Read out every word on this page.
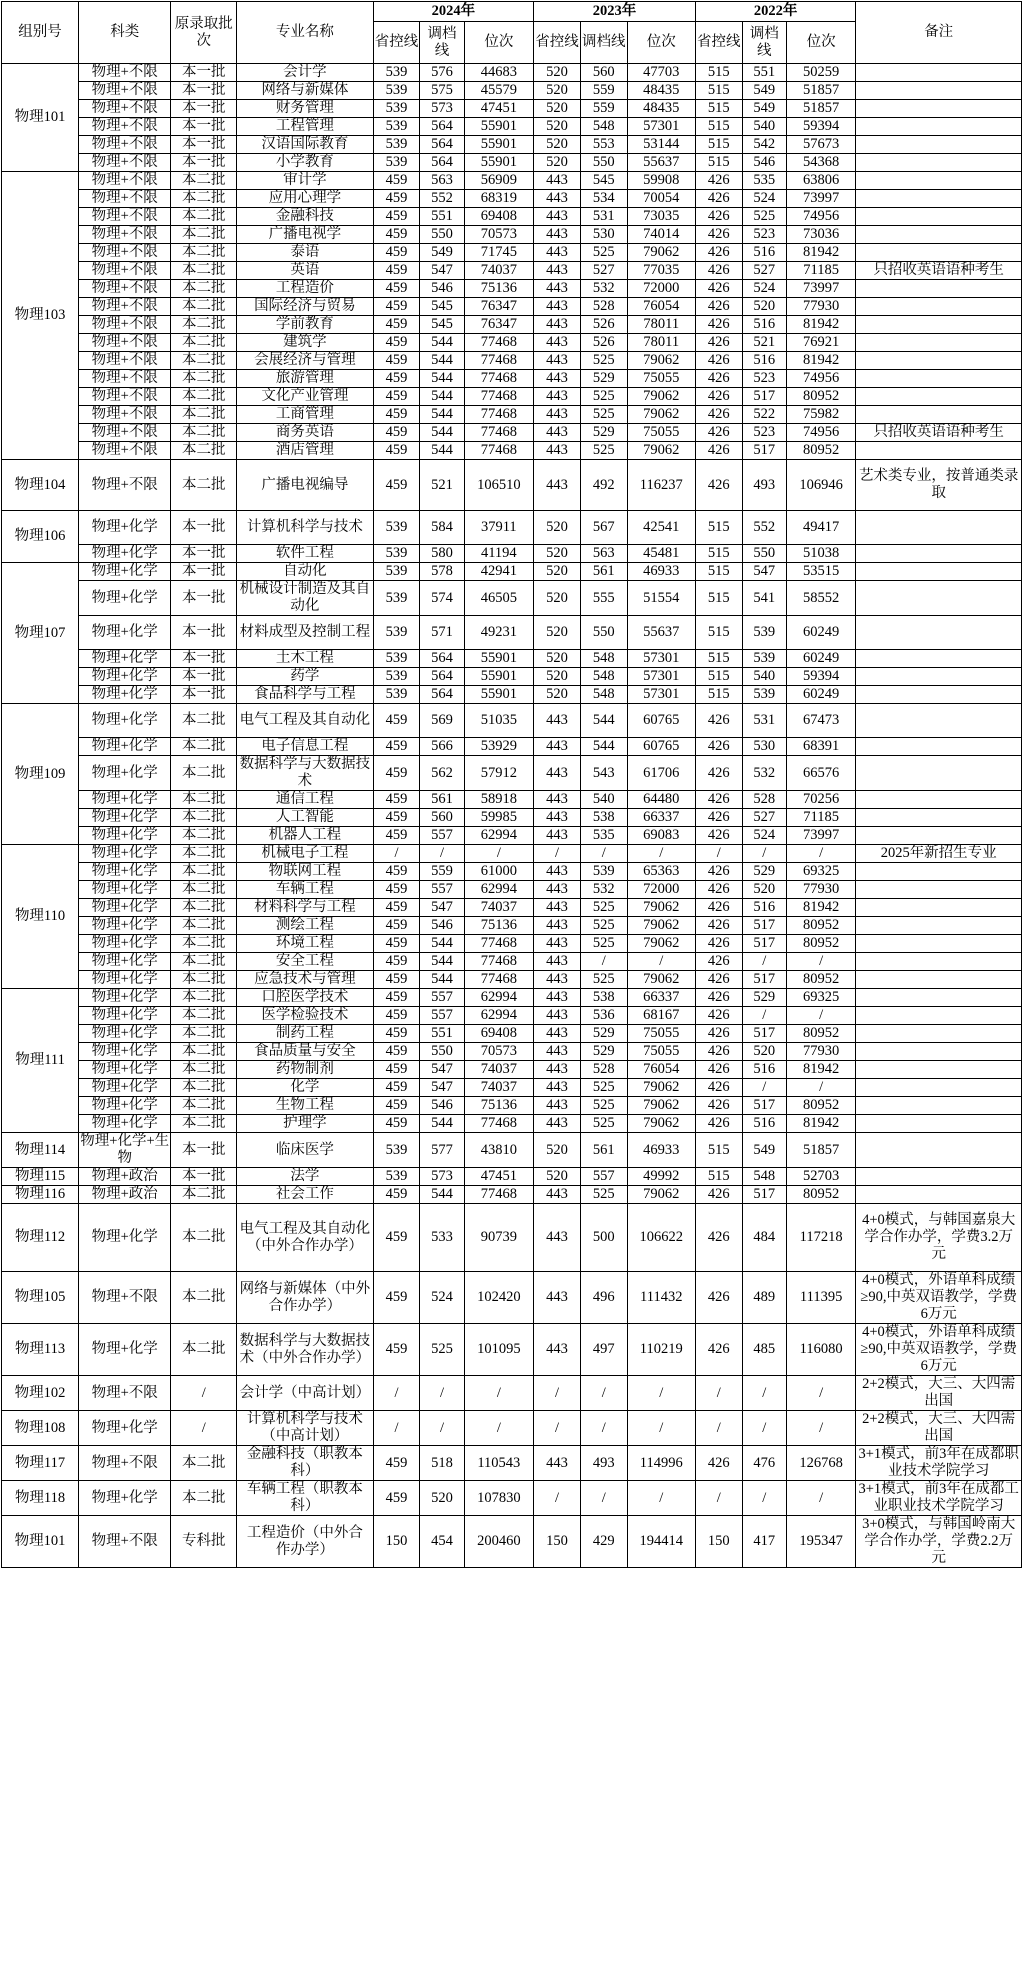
组别号	科类	原录取批次	专业名称	2024年			2023年			2022年			备注
				省控线	调档线	位次	省控线	调档线	位次	省控线	调档线	位次	
物理101	物理+不限	本一批	会计学	539	576	44683	520	560	47703	515	551	50259	
	物理+不限	本一批	网络与新媒体	539	575	45579	520	559	48435	515	549	51857	
	物理+不限	本一批	财务管理	539	573	47451	520	559	48435	515	549	51857	
	物理+不限	本一批	工程管理	539	564	55901	520	548	57301	515	540	59394	
	物理+不限	本一批	汉语国际教育	539	564	55901	520	553	53144	515	542	57673	
	物理+不限	本一批	小学教育	539	564	55901	520	550	55637	515	546	54368	
物理103	物理+不限	本二批	审计学	459	563	56909	443	545	59908	426	535	63806	
	物理+不限	本二批	应用心理学	459	552	68319	443	534	70054	426	524	73997	
	物理+不限	本二批	金融科技	459	551	69408	443	531	73035	426	525	74956	
	物理+不限	本二批	广播电视学	459	550	70573	443	530	74014	426	523	73036	
	物理+不限	本二批	泰语	459	549	71745	443	525	79062	426	516	81942	
	物理+不限	本二批	英语	459	547	74037	443	527	77035	426	527	71185	只招收英语语种考生
	物理+不限	本二批	工程造价	459	546	75136	443	532	72000	426	524	73997	
	物理+不限	本二批	国际经济与贸易	459	545	76347	443	528	76054	426	520	77930	
	物理+不限	本二批	学前教育	459	545	76347	443	526	78011	426	516	81942	
	物理+不限	本二批	建筑学	459	544	77468	443	526	78011	426	521	76921	
	物理+不限	本二批	会展经济与管理	459	544	77468	443	525	79062	426	516	81942	
	物理+不限	本二批	旅游管理	459	544	77468	443	529	75055	426	523	74956	
	物理+不限	本二批	文化产业管理	459	544	77468	443	525	79062	426	517	80952	
	物理+不限	本二批	工商管理	459	544	77468	443	525	79062	426	522	75982	
	物理+不限	本二批	商务英语	459	544	77468	443	529	75055	426	523	74956	只招收英语语种考生
	物理+不限	本二批	酒店管理	459	544	77468	443	525	79062	426	517	80952	
物理104	物理+不限	本二批	广播电视编导	459	521	106510	443	492	116237	426	493	106946	艺术类专业，按普通类录取
物理106	物理+化学	本一批	计算机科学与技术	539	584	37911	520	567	42541	515	552	49417	
	物理+化学	本一批	软件工程	539	580	41194	520	563	45481	515	550	51038	
物理107	物理+化学	本一批	自动化	539	578	42941	520	561	46933	515	547	53515	
	物理+化学	本一批	机械设计制造及其自动化	539	574	46505	520	555	51554	515	541	58552	
	物理+化学	本一批	材料成型及控制工程	539	571	49231	520	550	55637	515	539	60249	
	物理+化学	本一批	土木工程	539	564	55901	520	548	57301	515	539	60249	
	物理+化学	本一批	药学	539	564	55901	520	548	57301	515	540	59394	
	物理+化学	本一批	食品科学与工程	539	564	55901	520	548	57301	515	539	60249	
物理109	物理+化学	本二批	电气工程及其自动化	459	569	51035	443	544	60765	426	531	67473	
	物理+化学	本二批	电子信息工程	459	566	53929	443	544	60765	426	530	68391	
	物理+化学	本二批	数据科学与大数据技术	459	562	57912	443	543	61706	426	532	66576	
	物理+化学	本二批	通信工程	459	561	58918	443	540	64480	426	528	70256	
	物理+化学	本二批	人工智能	459	560	59985	443	538	66337	426	527	71185	
	物理+化学	本二批	机器人工程	459	557	62994	443	535	69083	426	524	73997	
物理110	物理+化学	本二批	机械电子工程	/	/	/	/	/	/	/	/	/	2025年新招生专业
	物理+化学	本二批	物联网工程	459	559	61000	443	539	65363	426	529	69325	
	物理+化学	本二批	车辆工程	459	557	62994	443	532	72000	426	520	77930	
	物理+化学	本二批	材料科学与工程	459	547	74037	443	525	79062	426	516	81942	
	物理+化学	本二批	测绘工程	459	546	75136	443	525	79062	426	517	80952	
	物理+化学	本二批	环境工程	459	544	77468	443	525	79062	426	517	80952	
	物理+化学	本二批	安全工程	459	544	77468	443	/	/	426	/	/	
	物理+化学	本二批	应急技术与管理	459	544	77468	443	525	79062	426	517	80952	
物理111	物理+化学	本二批	口腔医学技术	459	557	62994	443	538	66337	426	529	69325	
	物理+化学	本二批	医学检验技术	459	557	62994	443	536	68167	426	/	/	
	物理+化学	本二批	制药工程	459	551	69408	443	529	75055	426	517	80952	
	物理+化学	本二批	食品质量与安全	459	550	70573	443	529	75055	426	520	77930	
	物理+化学	本二批	药物制剂	459	547	74037	443	528	76054	426	516	81942	
	物理+化学	本二批	化学	459	547	74037	443	525	79062	426	/	/	
	物理+化学	本二批	生物工程	459	546	75136	443	525	79062	426	517	80952	
	物理+化学	本二批	护理学	459	544	77468	443	525	79062	426	516	81942	
物理114	物理+化学+生物	本一批	临床医学	539	577	43810	520	561	46933	515	549	51857	
物理115	物理+政治	本一批	法学	539	573	47451	520	557	49992	515	548	52703	
物理116	物理+政治	本二批	社会工作	459	544	77468	443	525	79062	426	517	80952	
物理112	物理+化学	本二批	电气工程及其自动化（中外合作办学）	459	533	90739	443	500	106622	426	484	117218	4+0模式，与韩国嘉泉大学合作办学，学费3.2万元
物理105	物理+不限	本二批	网络与新媒体（中外合作办学）	459	524	102420	443	496	111432	426	489	111395	4+0模式，外语单科成绩≥90,中英双语教学，学费6万元
物理113	物理+化学	本二批	数据科学与大数据技术（中外合作办学）	459	525	101095	443	497	110219	426	485	116080	4+0模式，外语单科成绩≥90,中英双语教学，学费6万元
物理102	物理+不限	/	会计学（中高计划）	/	/	/	/	/	/	/	/	/	2+2模式，大三、大四需出国
物理108	物理+化学	/	计算机科学与技术（中高计划）	/	/	/	/	/	/	/	/	/	2+2模式，大三、大四需出国
物理117	物理+不限	本二批	金融科技（职教本科）	459	518	110543	443	493	114996	426	476	126768	3+1模式，前3年在成都职业技术学院学习
物理118	物理+化学	本二批	车辆工程（职教本科）	459	520	107830	/	/	/	/	/	/	3+1模式，前3年在成都工业职业技术学院学习
物理101	物理+不限	专科批	工程造价（中外合作办学）	150	454	200460	150	429	194414	150	417	195347	3+0模式，与韩国岭南大学合作办学，学费2.2万元
